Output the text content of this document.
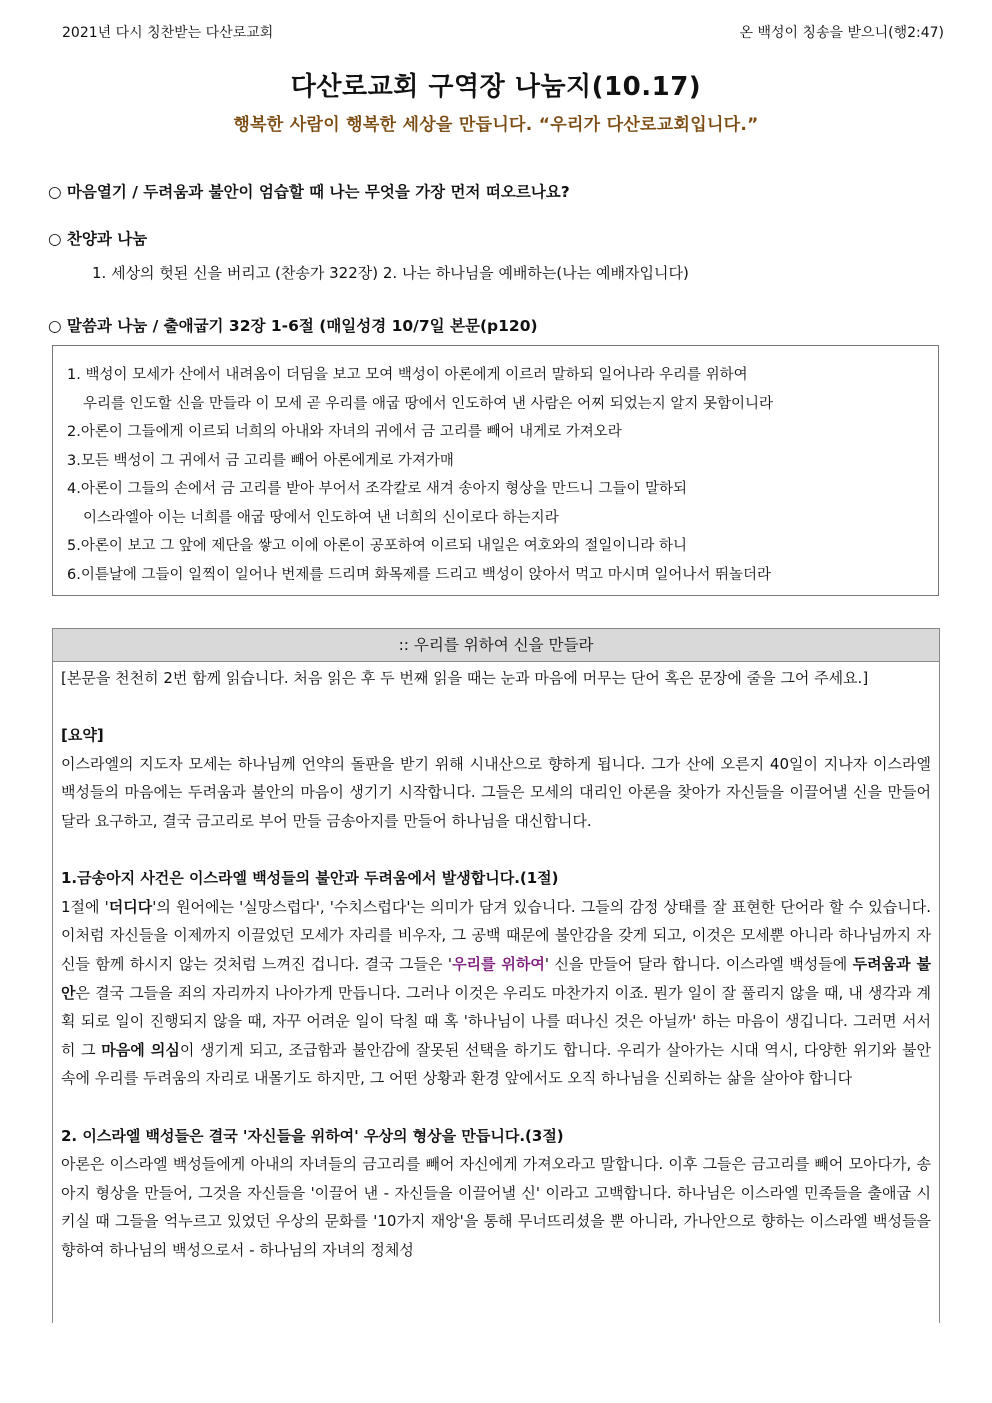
2021년 다시 칭찬받는 다산로교회	온 백성이 칭송을 받으니(행2:47)
다산로교회 구역장 나눔지(10.17)
행복한 사람이 행복한 세상을 만듭니다. “우리가 다산로교회입니다.”
○ 마음열기 / 두려움과 불안이 엄습할 때 나는 무엇을 가장 먼저 떠오르나요?
○ 찬양과 나눔
1. 세상의 헛된 신을 버리고 (찬송가 322장) 2. 나는 하나님을 예배하는(나는 예배자입니다)
○ 말씀과 나눔 / 출애굽기 32장 1-6절 (매일성경 10/7일 본문(p120)
1. 백성이 모세가 산에서 내려옴이 더딤을 보고 모여 백성이 아론에게 이르러 말하되 일어나라 우리를 위하여
우리를 인도할 신을 만들라 이 모세 곧 우리를 애굽 땅에서 인도하여 낸 사람은 어찌 되었는지 알지 못함이니라
2.아론이 그들에게 이르되 너희의 아내와 자녀의 귀에서 금 고리를 빼어 내게로 가져오라
3.모든 백성이 그 귀에서 금 고리를 빼어 아론에게로 가져가매
4.아론이 그들의 손에서 금 고리를 받아 부어서 조각칼로 새겨 송아지 형상을 만드니 그들이 말하되
이스라엘아 이는 너희를 애굽 땅에서 인도하여 낸 너희의 신이로다 하는지라
5.아론이 보고 그 앞에 제단을 쌓고 이에 아론이 공포하여 이르되 내일은 여호와의 절일이니라 하니
6.이튿날에 그들이 일찍이 일어나 번제를 드리며 화목제를 드리고 백성이 앉아서 먹고 마시며 일어나서 뛰놀더라
:: 우리를 위하여 신을 만들라

[본문을 천천히 2번 함께 읽습니다. 처음 읽은 후 두 번째 읽을 때는 눈과 마음에 머무는 단어 혹은 문장에 줄을 그어 주세요.]

[요약]

이스라엘의 지도자 모세는 하나님께 언약의 돌판을 받기 위해 시내산으로 향하게 됩니다. 그가 산에 오른지 40일이 지나자 이스라엘 백성들의 마음에는 두려움과 불안의 마음이 생기기 시작합니다. 그들은 모세의 대리인 아론을 찾아가 자신들을 이끌어낼 신을 만들어 달라 요구하고, 결국 금고리로 부어 만들 금송아지를 만들어 하나님을 대신합니다.

1.금송아지 사건은 이스라엘 백성들의 불안과 두려움에서 발생합니다.(1절)

1절에 '더디다'의 원어에는 '실망스럽다', '수치스럽다'는 의미가 담겨 있습니다. 그들의 감정 상태를 잘 표현한 단어라 할 수 있습니다. 이처럼 자신들을 이제까지 이끌었던 모세가 자리를 비우자, 그 공백 때문에 불안감을 갖게 되고, 이것은 모세뿐 아니라 하나님까지 자신들 함께 하시지 않는 것처럼 느껴진 겁니다. 결국 그들은 '우리를 위하여' 신을 만들어 달라 합니다. 이스라엘 백성들에 두려움과 불안은 결국 그들을 죄의 자리까지 나아가게 만듭니다. 그러나 이것은 우리도 마찬가지 이죠. 뭔가 일이 잘 풀리지 않을 때, 내 생각과 계획 되로 일이 진행되지 않을 때, 자꾸 어려운 일이 닥칠 때 혹 '하나님이 나를 떠나신 것은 아닐까' 하는 마음이 생깁니다. 그러면 서서히 그 마음에 의심이 생기게 되고, 조급함과 불안감에 잘못된 선택을 하기도 합니다. 우리가 살아가는 시대 역시, 다양한 위기와 불안 속에 우리를 두려움의 자리로 내몰기도 하지만, 그 어떤 상황과 환경 앞에서도 오직 하나님을 신뢰하는 삶을 살아야 합니다

2. 이스라엘 백성들은 결국 '자신들을 위하여' 우상의 형상을 만듭니다.(3절)

아론은 이스라엘 백성들에게 아내의 자녀들의 금고리를 빼어 자신에게 가져오라고 말합니다. 이후 그들은 금고리를 빼어 모아다가, 송아지 형상을 만들어, 그것을 자신들을 '이끌어 낸 - 자신들을 이끌어낼 신' 이라고 고백합니다. 하나님은 이스라엘 민족들을 출애굽 시키실 때 그들을 억누르고 있었던 우상의 문화를 '10가지 재앙'을 통해 무너뜨리셨을 뿐 아니라, 가나안으로 향하는 이스라엘 백성들을 향하여 하나님의 백성으로서 - 하나님의 자녀의 정체성
